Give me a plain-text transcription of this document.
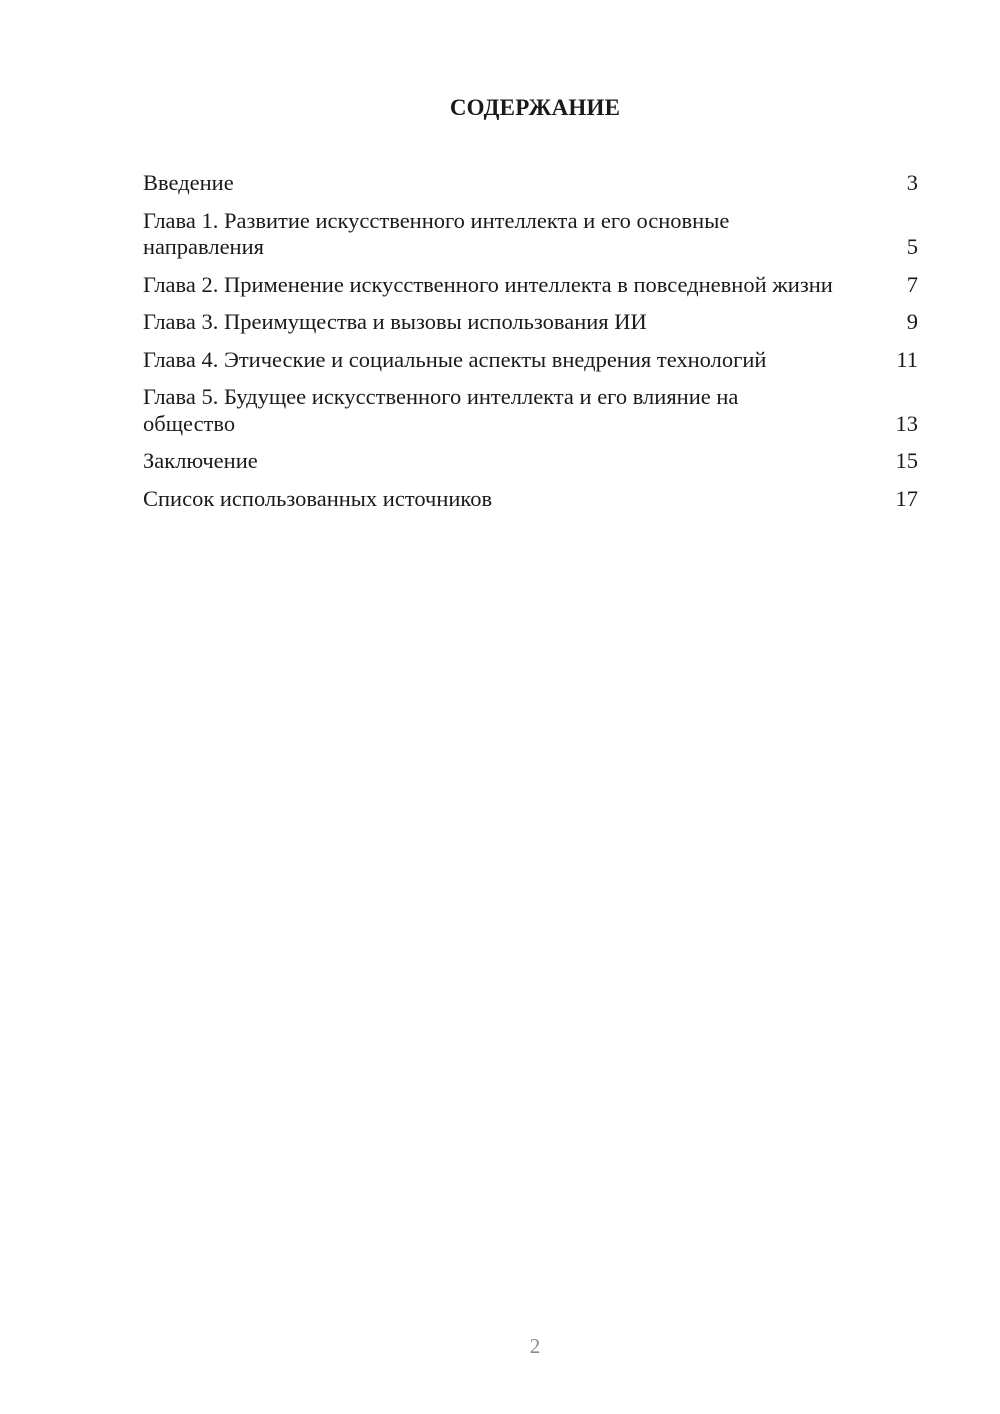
СОДЕРЖАНИЕ
Введение	3
Глава 1. Развитие искусственного интеллекта и его основные направления	5
Глава 2. Применение искусственного интеллекта в повседневной жизни	7
Глава 3. Преимущества и вызовы использования ИИ	9
Глава 4. Этические и социальные аспекты внедрения технологий	11
Глава 5. Будущее искусственного интеллекта и его влияние на общество	13
Заключение	15
Список использованных источников	17
2
